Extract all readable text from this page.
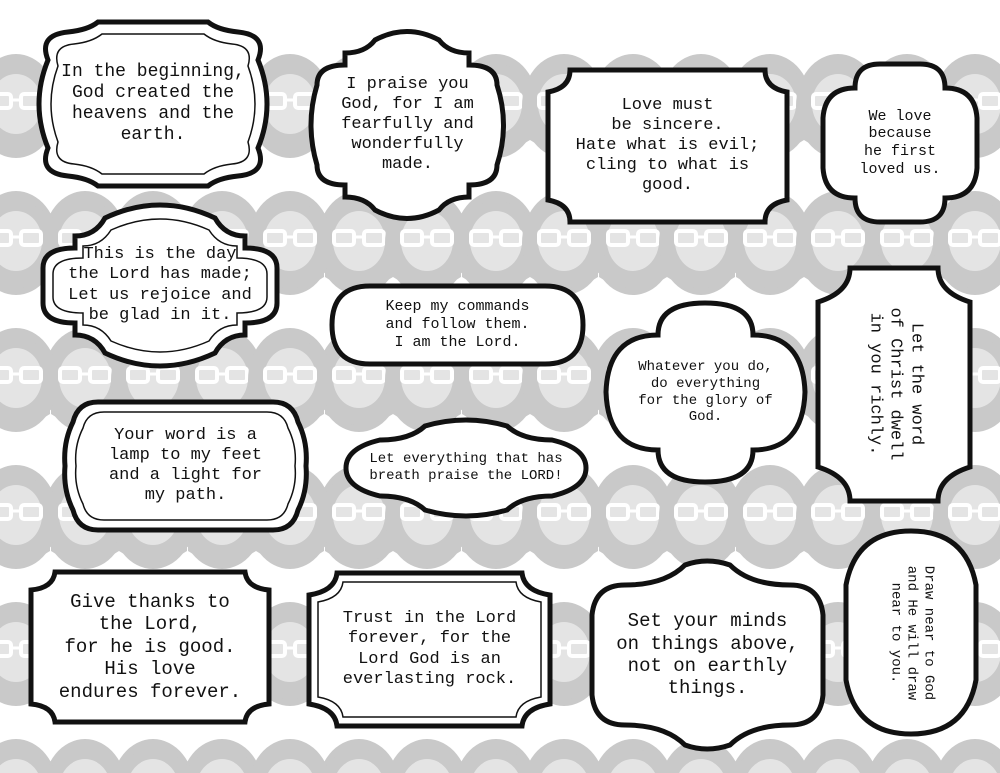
In the beginning,
God created the
heavens and the
earth.
I praise you
God, for I am
fearfully and
wonderfully
made.
Love must
be sincere.
Hate what is evil;
cling to what is
good.
We love
because
he first
loved us.
This is the day
the Lord has made;
Let us rejoice and
be glad in it.	Keep my commands
and follow them.
I am the Lord.
Whatever you do,
do everything
for the glory of
God.
Let the word
of Christ dwell
in you richly.
Your word is a
lamp to my feet
and a light for
my path.
Let everything that has
breath praise the LORD!
Give thanks to
the Lord,
for he is good.
His love
endures forever.
Trust in the Lord
forever, for the
Lord God is an
everlasting rock.
Set your minds
on things above,
not on earthly
things.
Draw near to God
and He will draw
near to you.
